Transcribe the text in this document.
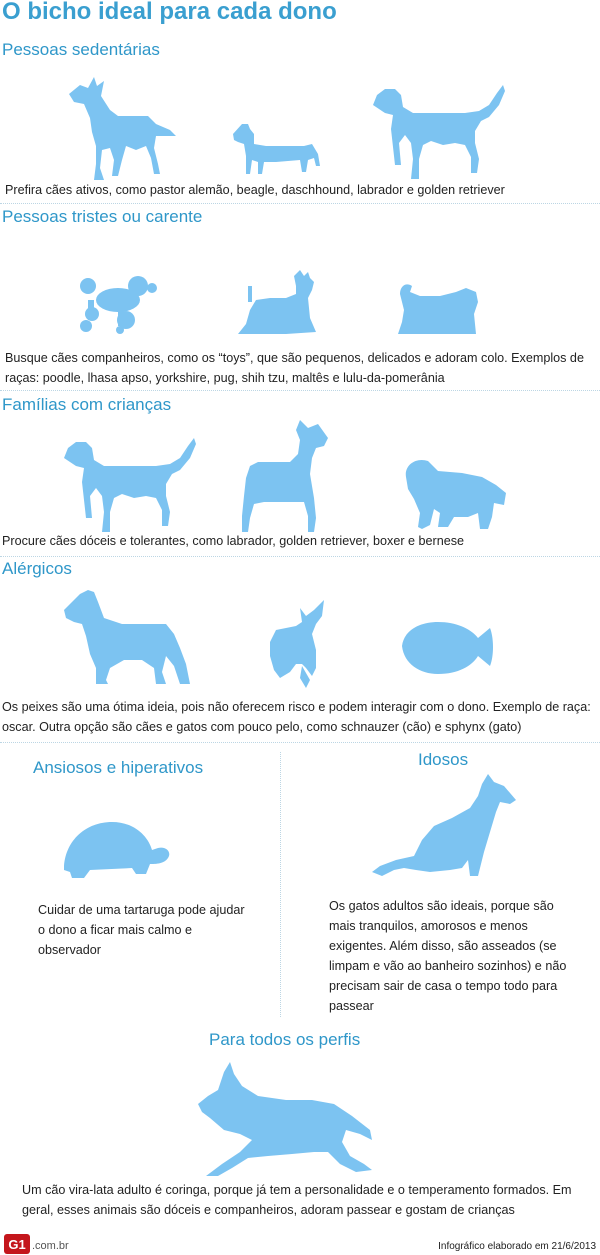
O bicho ideal para cada dono
Pessoas sedentárias
Prefira cães ativos, como pastor alemão, beagle, daschhound, labrador e golden retriever
Pessoas tristes ou carente
Busque cães companheiros, como os “toys”, que são pequenos, delicados e adoram colo. Exemplos de raças: poodle, lhasa apso, yorkshire, pug, shih tzu, maltês e lulu-da-pomerânia
Famílias com crianças
Procure cães dóceis e tolerantes, como labrador, golden retriever, boxer e bernese
Alérgicos
Os peixes são uma ótima ideia, pois não oferecem risco e podem interagir com o dono. Exemplo de raça: oscar. Outra opção são cães e gatos com pouco pelo, como schnauzer (cão) e sphynx (gato)
Ansiosos e hiperativos
Cuidar de uma tartaruga pode ajudar o dono a ficar mais calmo e observador
Idosos
Os gatos adultos são ideais, porque são mais tranquilos, amorosos e menos exigentes. Além disso, são asseados (se limpam e vão ao banheiro sozinhos) e não precisam sair de casa o tempo todo para passear
Para todos os perfis
Um cão vira-lata adulto é coringa, porque já tem a personalidade e o temperamento formados. Em geral, esses animais são dóceis e companheiros, adoram passear e gostam de crianças
G1 .com.br	Infográfico elaborado em 21/6/2013
